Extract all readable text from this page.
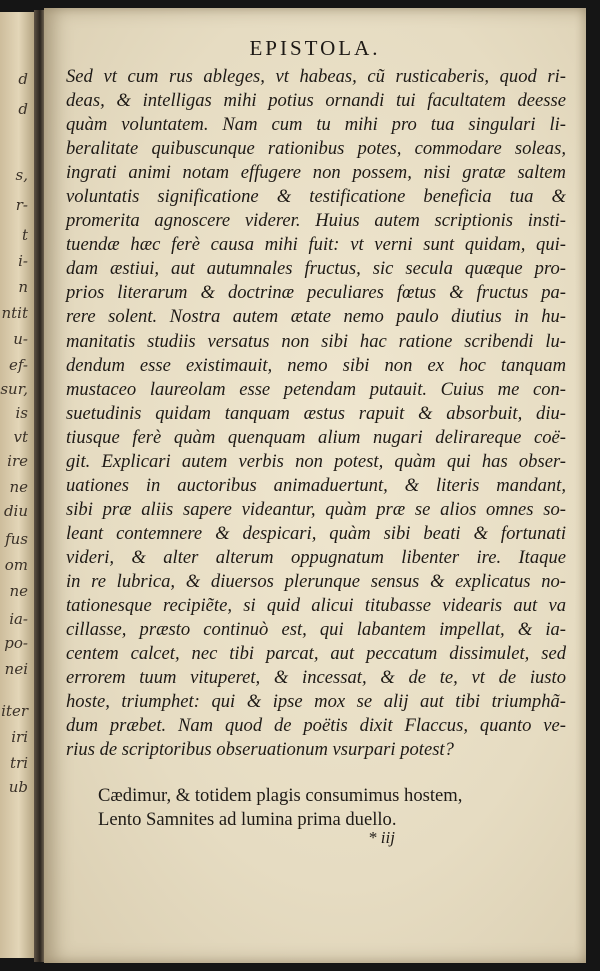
d
d
s,
r-
t
i-
n
ntit
u-
ef-
sur,
is
vt
ire
ne
diu
fus
om
ne
ia-
po-
nei
iter
iri
tri
ub
EPISTOLA.
Sed vt cum rus ableges, vt habeas, cũ rusticaberis, quod ri-
deas, & intelligas mihi potius ornandi tui facultatem deesse
quàm voluntatem. Nam cum tu mihi pro tua singulari li-
beralitate quibuscunque rationibus potes, commodare soleas,
ingrati animi notam effugere non possem, nisi gratæ saltem
voluntatis significatione & testificatione beneficia tua &
promerita agnoscere viderer. Huius autem scriptionis insti-
tuendæ hæc ferè causa mihi fuit: vt verni sunt quidam, qui-
dam æstiui, aut autumnales fructus, sic secula quæque pro-
prios literarum & doctrinæ peculiares fœtus & fructus pa-
rere solent. Nostra autem ætate nemo paulo diutius in hu-
manitatis studiis versatus non sibi hac ratione scribendi lu-
dendum esse existimauit, nemo sibi non ex hoc tanquam
mustaceo laureolam esse petendam putauit. Cuius me con-
suetudinis quidam tanquam æstus rapuit & absorbuit, diu-
tiusque ferè quàm quenquam alium nugari delirareque coë-
git. Explicari autem verbis non potest, quàm qui has obser-
uationes in auctoribus animaduertunt, & literis mandant,
sibi præ aliis sapere videantur, quàm præ se alios omnes so-
leant contemnere & despicari, quàm sibi beati & fortunati
videri, & alter alterum oppugnatum libenter ire. Itaque
in re lubrica, & diuersos plerunque sensus & explicatus no-
tationesque recipiẽte, si quid alicui titubasse videaris aut va
cillasse, præsto continuò est, qui labantem impellat, & ia-
centem calcet, nec tibi parcat, aut peccatum dissimulet, sed
errorem tuum vituperet, & incessat, & de te, vt de iusto
hoste, triumphet: qui & ipse mox se alij aut tibi triumphã-
dum præbet. Nam quod de poëtis dixit Flaccus, quanto ve-
rius de scriptoribus obseruationum vsurpari potest?
Cædimur, & totidem plagis consumimus hostem,
Lento Samnites ad lumina prima duello.
* iij
